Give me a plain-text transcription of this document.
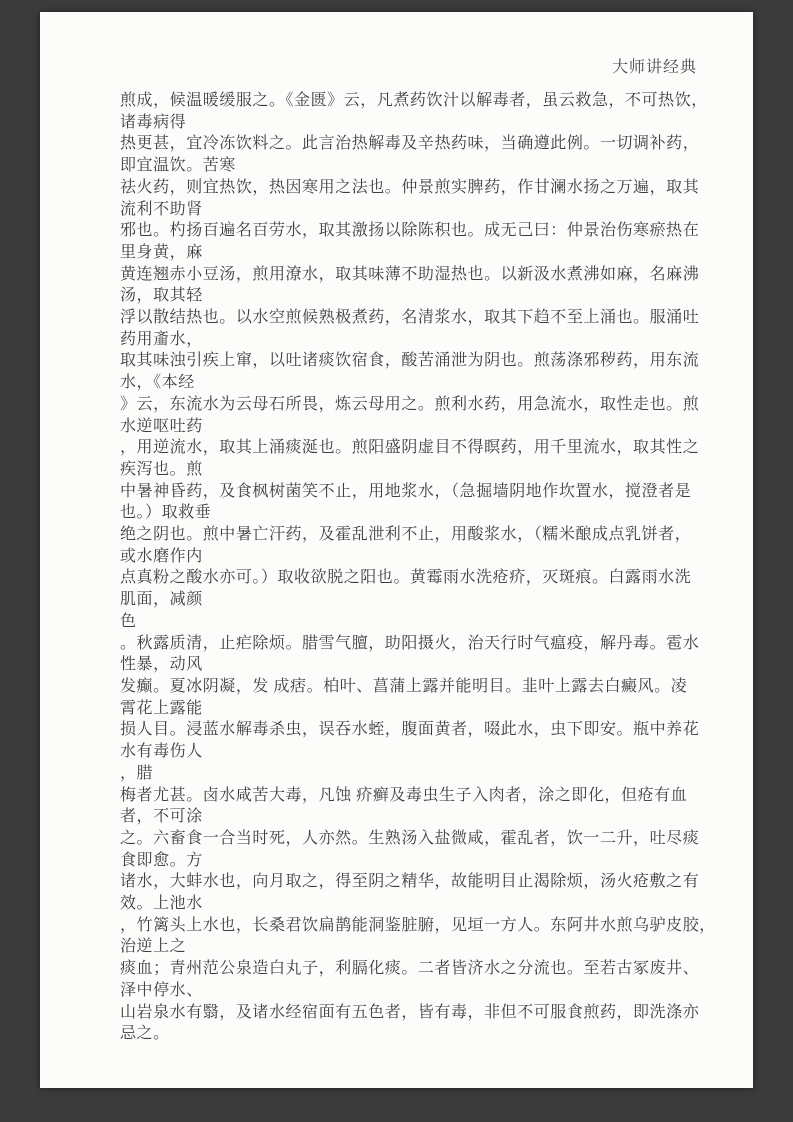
大师讲经典
煎成，候温暖缓服之。《金匮》云，凡煮药饮汁以解毒者，虽云救急，不可热饮，
诸毒病得
热更甚，宜冷冻饮料之。此言治热解毒及辛热药味，当确遵此例。一切调补药，
即宜温饮。苦寒
祛火药，则宜热饮，热因寒用之法也。仲景煎实脾药，作甘澜水扬之万遍，取其
流利不助肾
邪也。杓扬百遍名百劳水，取其激扬以除陈积也。成无己曰：仲景治伤寒瘀热在
里身黄，麻
黄连翘赤小豆汤，煎用潦水，取其味薄不助湿热也。以新汲水煮沸如麻，名麻沸
汤，取其轻
浮以散结热也。以水空煎候熟极煮药，名清浆水，取其下趋不至上涌也。服涌吐
药用齑水，
取其味浊引疾上窜，以吐诸痰饮宿食，酸苦涌泄为阴也。煎荡涤邪秽药，用东流
水，《本经
》云，东流水为云母石所畏，炼云母用之。煎利水药，用急流水，取性走也。煎
水逆呕吐药
，用逆流水，取其上涌痰涎也。煎阳盛阴虚目不得瞑药，用千里流水，取其性之
疾泻也。煎
中暑神昏药，及食枫树菌笑不止，用地浆水，（急掘墙阴地作坎置水，搅澄者是
也。）取救垂
绝之阴也。煎中暑亡汗药，及霍乱泄利不止，用酸浆水，（糯米酿成点乳饼者，
或水磨作内
点真粉之酸水亦可。）取收欲脱之阳也。黄霉雨水洗疮疥，灭斑痕。白露雨水洗
肌面，减颜
色
。秋露质清，止疟除烦。腊雪气膻，助阳摄火，治天行时气瘟疫，解丹毒。雹水
性暴，动风
发癫。夏冰阴凝，发 成痞。柏叶、菖蒲上露并能明目。韭叶上露去白癜风。凌
霄花上露能
损人目。浸蓝水解毒杀虫，误吞水蛭，腹面黄者，啜此水，虫下即安。瓶中养花
水有毒伤人
，腊
梅者尤甚。卤水咸苦大毒，凡蚀 疥癣及毒虫生子入肉者，涂之即化，但疮有血
者，不可涂
之。六畜食一合当时死，人亦然。生熟汤入盐微咸，霍乱者，饮一二升，吐尽痰
食即愈。方
诸水，大蚌水也，向月取之，得至阴之精华，故能明目止渴除烦，汤火疮敷之有
效。上池水
，竹篱头上水也，长桑君饮扁鹊能洞鉴脏腑，见垣一方人。东阿井水煎乌驴皮胶，
治逆上之
痰血；青州范公泉造白丸子，利膈化痰。二者皆济水之分流也。至若古冢废井、
泽中停水、
山岩泉水有翳，及诸水经宿面有五色者，皆有毒，非但不可服食煎药，即洗涤亦
忌之。
